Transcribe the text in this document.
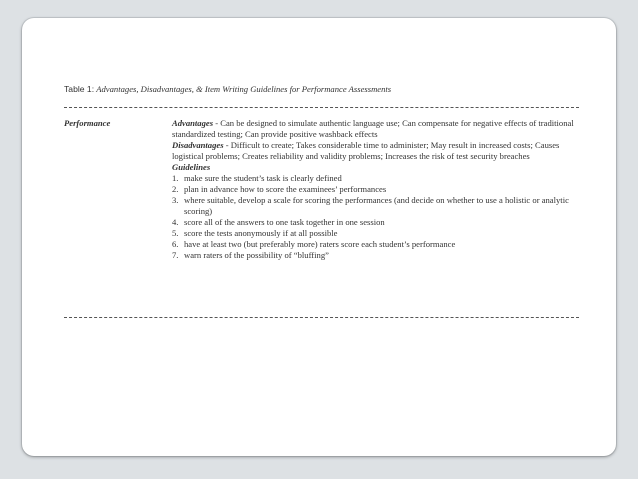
Table 1: Advantages, Disadvantages, & Item Writing Guidelines for Performance Assessments
Performance	Advantages - Can be designed to simulate authentic language use; Can compensate for negative effects of traditional standardized testing; Can provide positive washback effects

Disadvantages - Difficult to create; Takes considerable time to administer; May result in increased costs; Causes logistical problems; Creates reliability and validity problems; Increases the risk of test security breaches

Guidelines

1. make sure the student’s task is clearly defined
2. plan in advance how to score the examinees’ performances
3. where suitable, develop a scale for scoring the performances (and decide on whether to use a holistic or analytic scoring)
4. score all of the answers to one task together in one session
5. score the tests anonymously if at all possible
6. have at least two (but preferably more) raters score each student’s performance
7. warn raters of the possibility of “bluffing”
